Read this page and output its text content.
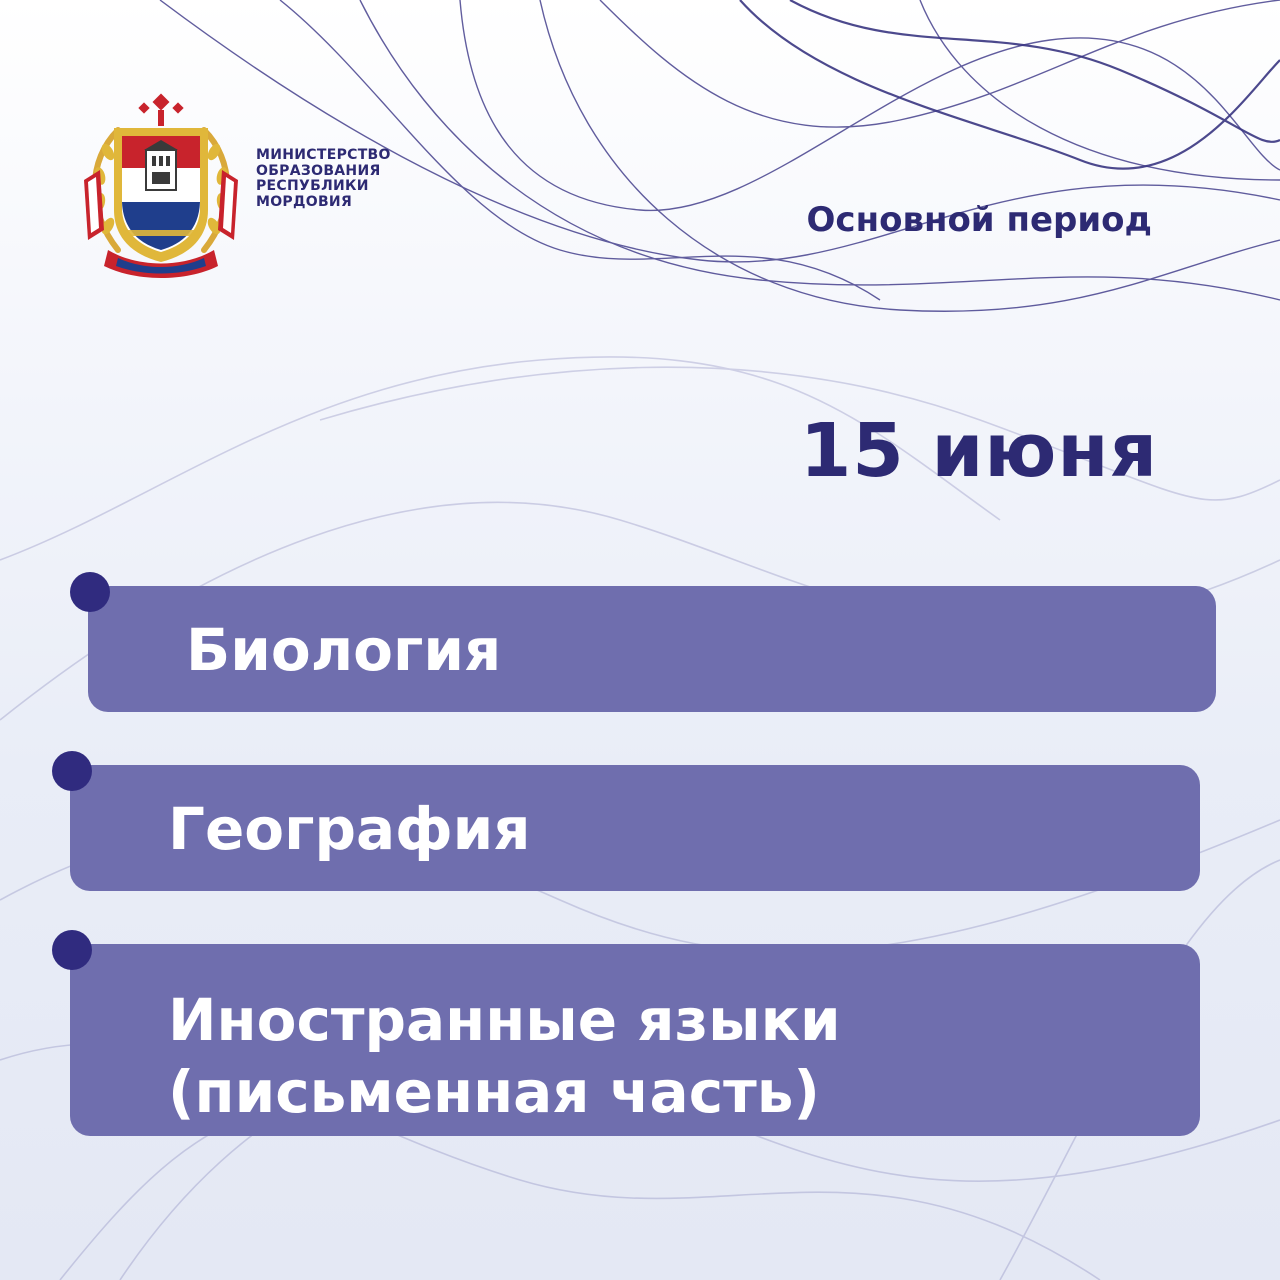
МИНИСТЕРСТВО
ОБРАЗОВАНИЯ
РЕСПУБЛИКИ
МОРДОВИЯ	Основной период
15 июня
Биология
География
Иностранные языки
(письменная часть)
